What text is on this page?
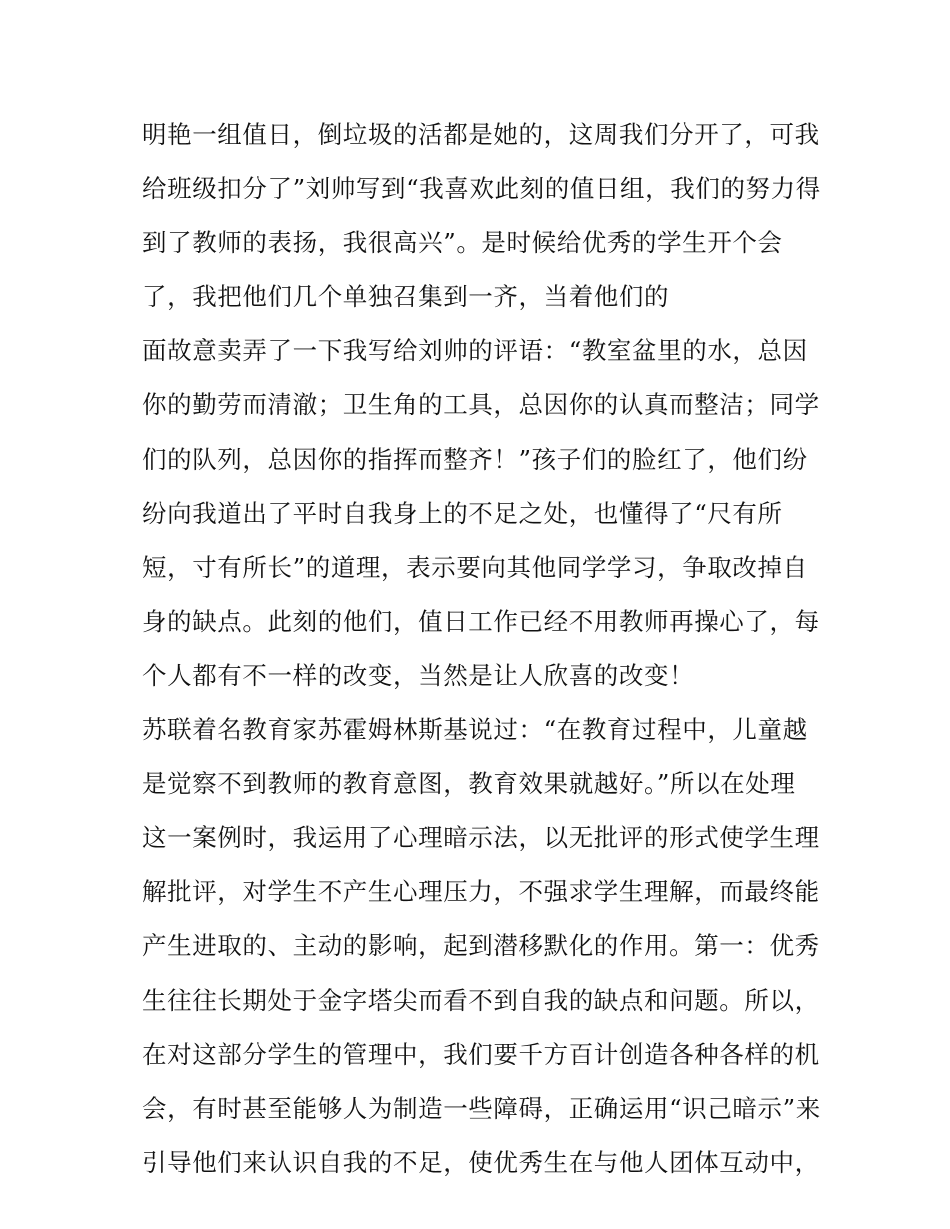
明艳一组值日，倒垃圾的活都是她的，这周我们分开了，可我
给班级扣分了”刘帅写到“我喜欢此刻的值日组，我们的努力得
到了教师的表扬，我很高兴”。是时候给优秀的学生开个会
了，我把他们几个单独召集到一齐，当着他们的
面故意卖弄了一下我写给刘帅的评语：“教室盆里的水，总因
你的勤劳而清澈；卫生角的工具，总因你的认真而整洁；同学
们的队列，总因你的指挥而整齐！”孩子们的脸红了，他们纷
纷向我道出了平时自我身上的不足之处，也懂得了“尺有所
短，寸有所长”的道理，表示要向其他同学学习，争取改掉自
身的缺点。此刻的他们，值日工作已经不用教师再操心了，每
个人都有不一样的改变，当然是让人欣喜的改变！
苏联着名教育家苏霍姆林斯基说过：“在教育过程中，儿童越
是觉察不到教师的教育意图，教育效果就越好。”所以在处理
这一案例时，我运用了心理暗示法，以无批评的形式使学生理
解批评，对学生不产生心理压力，不强求学生理解，而最终能
产生进取的、主动的影响，起到潜移默化的作用。第一：优秀
生往往长期处于金字塔尖而看不到自我的缺点和问题。所以，
在对这部分学生的管理中，我们要千方百计创造各种各样的机
会，有时甚至能够人为制造一些障碍，正确运用“识己暗示”来
引导他们来认识自我的不足，使优秀生在与他人团体互动中，
